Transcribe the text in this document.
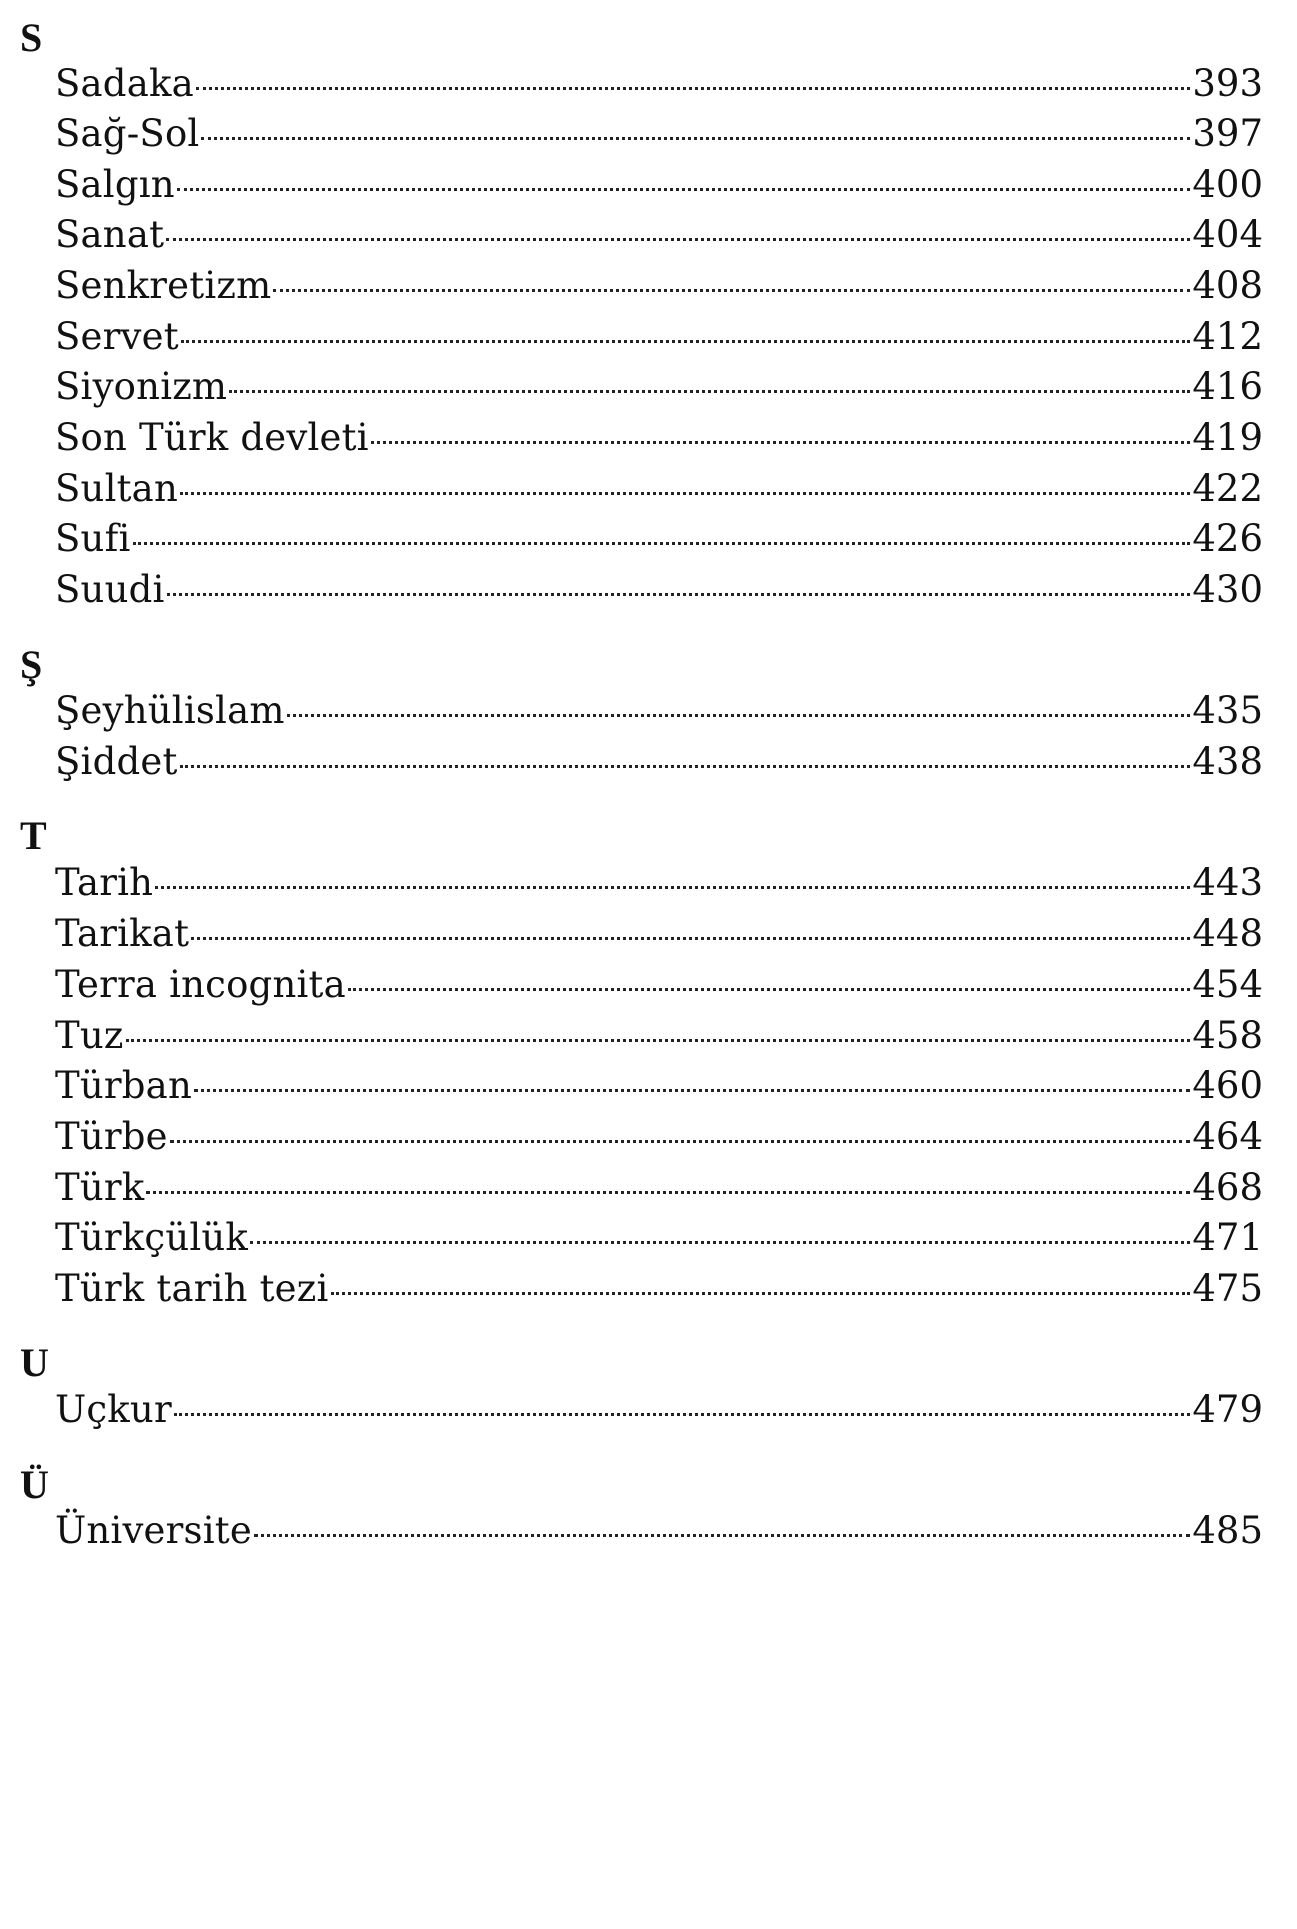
S
Sadaka	393
Sağ-Sol	397
Salgın	400
Sanat	404
Senkretizm	408
Servet	412
Siyonizm	416
Son Türk devleti	419
Sultan	422
Sufi	426
Suudi	430
Ş
Şeyhülislam	435
Şiddet	438
T
Tarih	443
Tarikat	448
Terra incognita	454
Tuz	458
Türban	460
Türbe	464
Türk	468
Türkçülük	471
Türk tarih tezi	475
U
Uçkur	479
Ü
Üniversite	485
